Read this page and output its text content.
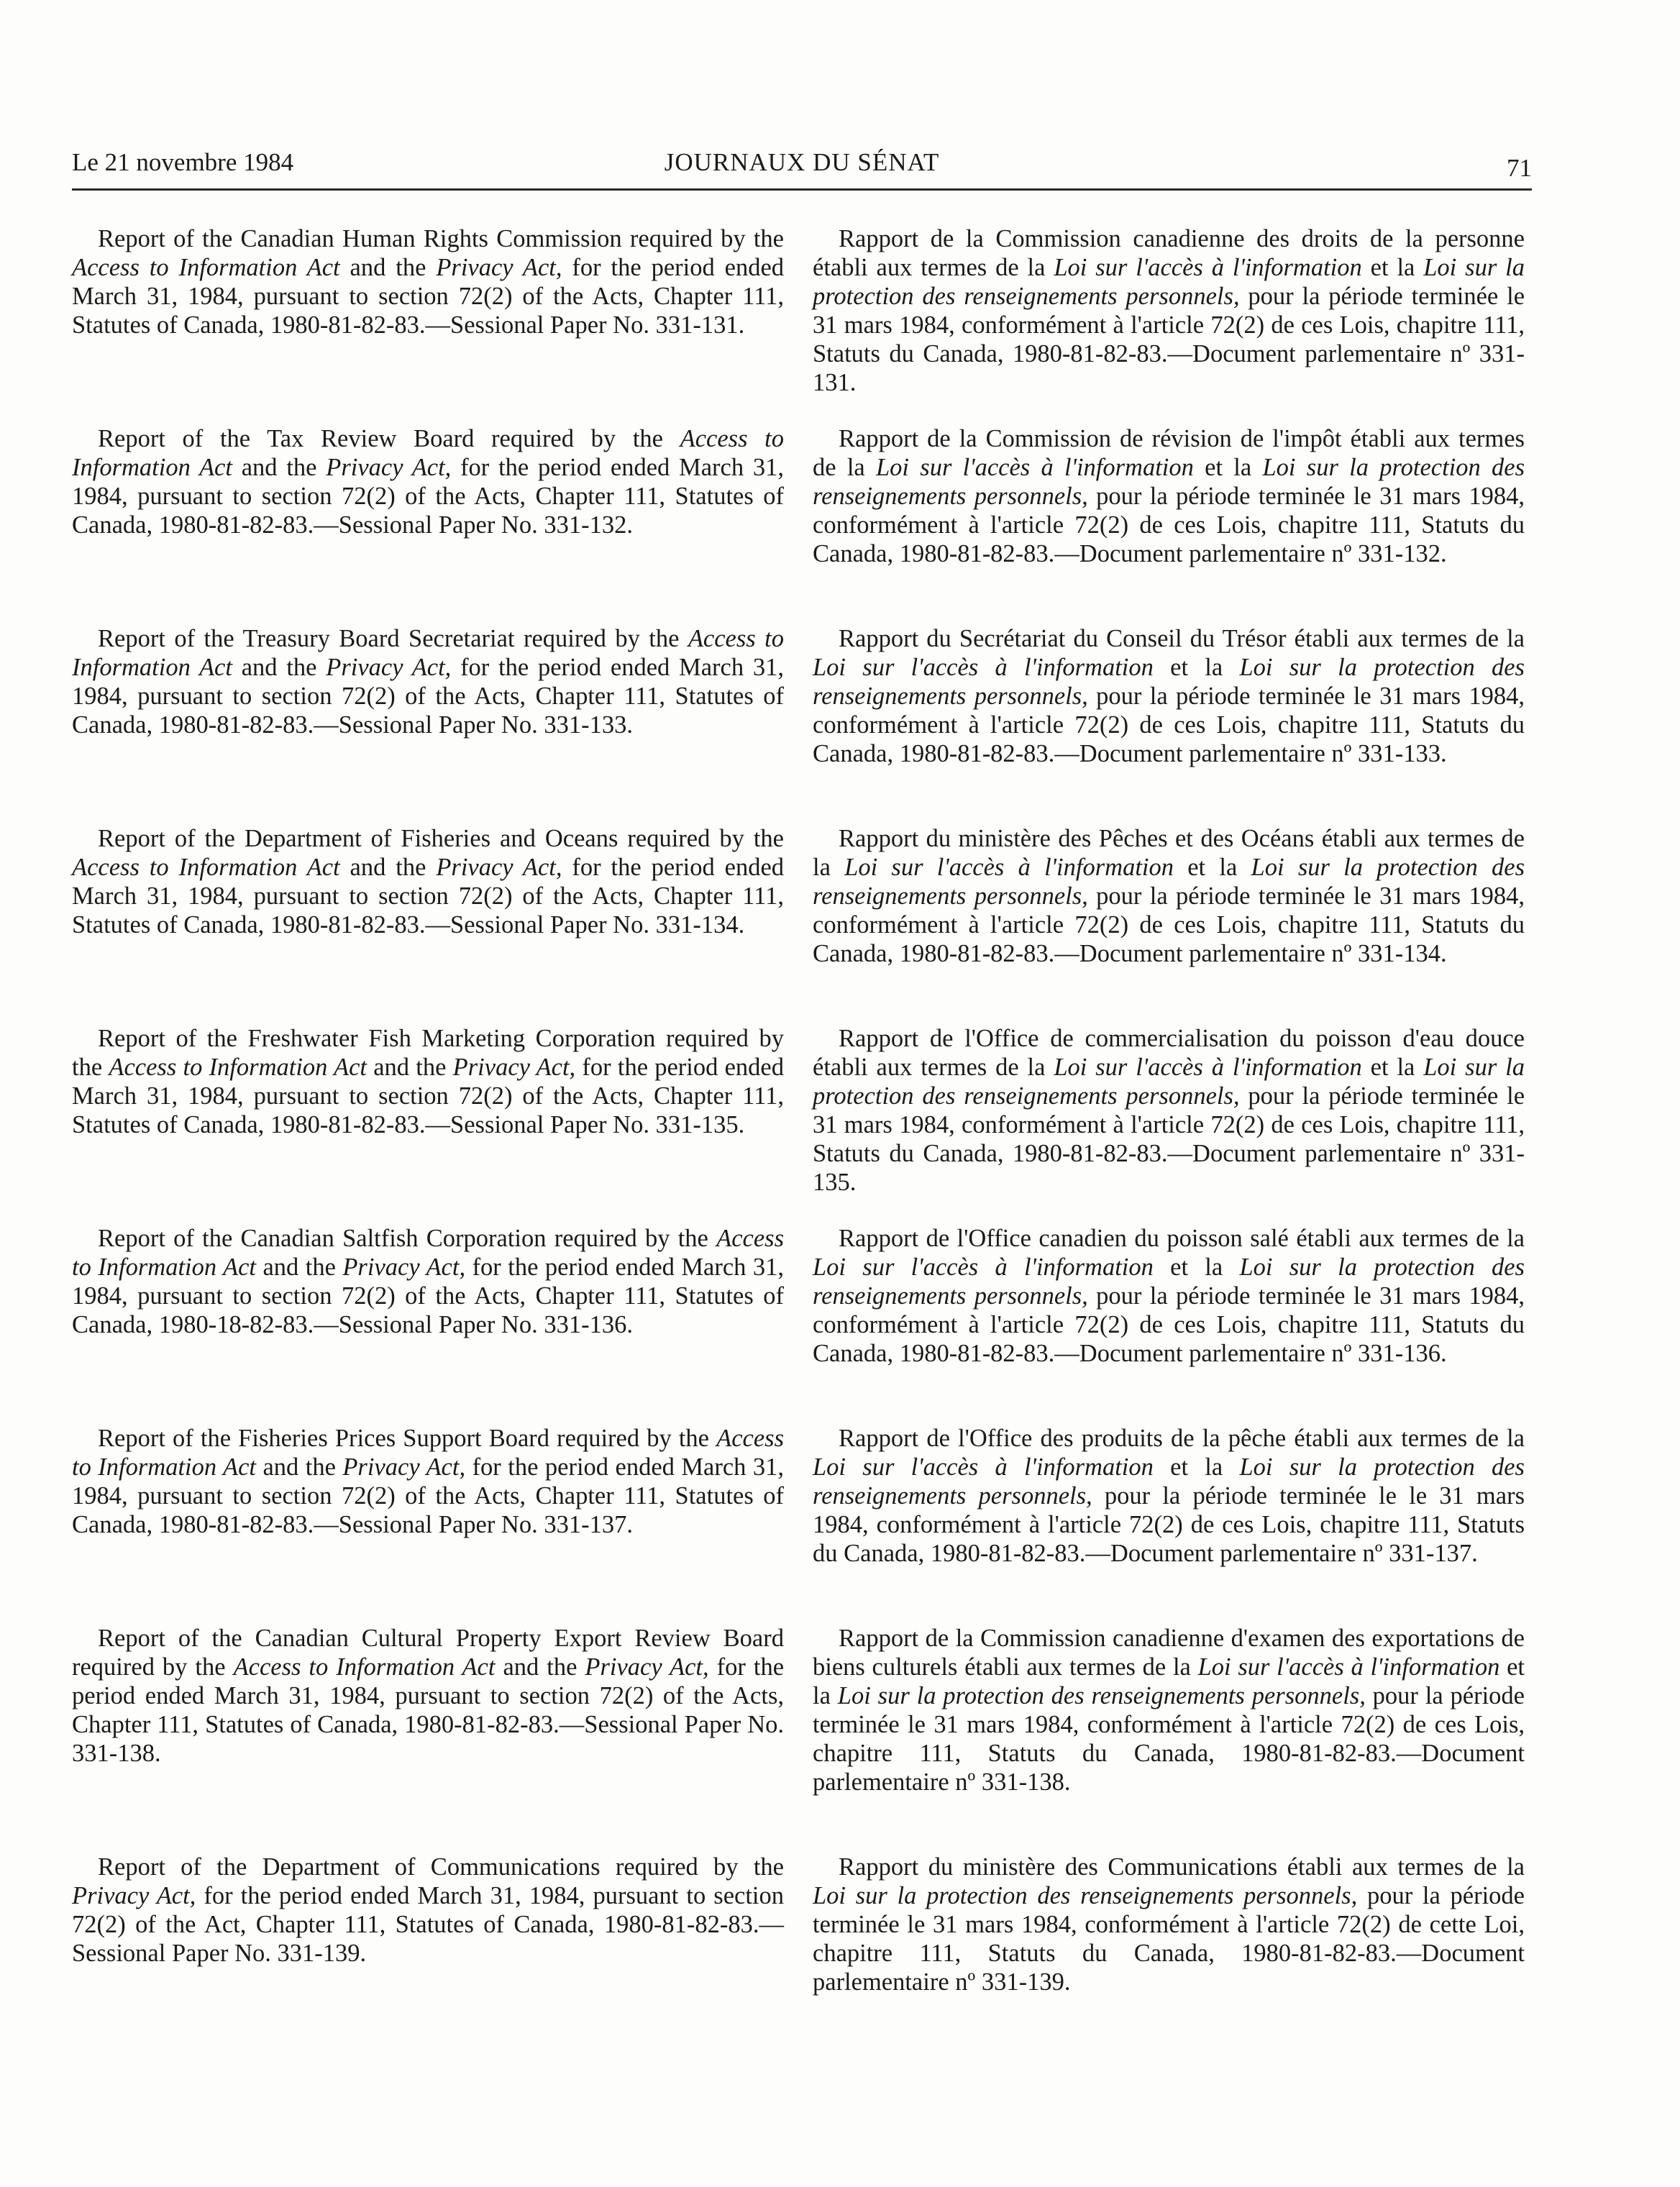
Le 21 novembre 1984	JOURNAUX DU SÉNAT	71

Report of the Canadian Human Rights Commission required by the Access to Information Act and the Privacy Act, for the period ended March 31, 1984, pursuant to section 72(2) of the Acts, Chapter 111, Statutes of Canada, 1980-81-82-83.—Sessional Paper No. 331-131.

Report of the Tax Review Board required by the Access to Information Act and the Privacy Act, for the period ended March 31, 1984, pursuant to section 72(2) of the Acts, Chapter 111, Statutes of Canada, 1980-81-82-83.—Sessional Paper No. 331-132.

Report of the Treasury Board Secretariat required by the Access to Information Act and the Privacy Act, for the period ended March 31, 1984, pursuant to section 72(2) of the Acts, Chapter 111, Statutes of Canada, 1980-81-82-83.—Sessional Paper No. 331-133.

Report of the Department of Fisheries and Oceans required by the Access to Information Act and the Privacy Act, for the period ended March 31, 1984, pursuant to section 72(2) of the Acts, Chapter 111, Statutes of Canada, 1980-81-82-83.—Sessional Paper No. 331-134.

Report of the Freshwater Fish Marketing Corporation required by the Access to Information Act and the Privacy Act, for the period ended March 31, 1984, pursuant to section 72(2) of the Acts, Chapter 111, Statutes of Canada, 1980-81-82-83.—Sessional Paper No. 331-135.

Report of the Canadian Saltfish Corporation required by the Access to Information Act and the Privacy Act, for the period ended March 31, 1984, pursuant to section 72(2) of the Acts, Chapter 111, Statutes of Canada, 1980-18-82-83.—Sessional Paper No. 331-136.

Report of the Fisheries Prices Support Board required by the Access to Information Act and the Privacy Act, for the period ended March 31, 1984, pursuant to section 72(2) of the Acts, Chapter 111, Statutes of Canada, 1980-81-82-83.—Sessional Paper No. 331-137.

Report of the Canadian Cultural Property Export Review Board required by the Access to Information Act and the Privacy Act, for the period ended March 31, 1984, pursuant to section 72(2) of the Acts, Chapter 111, Statutes of Canada, 1980-81-82-83.—Sessional Paper No. 331-138.

Report of the Department of Communications required by the Privacy Act, for the period ended March 31, 1984, pursuant to section 72(2) of the Act, Chapter 111, Statutes of Canada, 1980-81-82-83.—Sessional Paper No. 331-139.

Rapport de la Commission canadienne des droits de la personne établi aux termes de la Loi sur l'accès à l'information et la Loi sur la protection des renseignements personnels, pour la période terminée le 31 mars 1984, conformément à l'article 72(2) de ces Lois, chapitre 111, Statuts du Canada, 1980-81-82-83.—Document parlementaire nº 331-131.

Rapport de la Commission de révision de l'impôt établi aux termes de la Loi sur l'accès à l'information et la Loi sur la protection des renseignements personnels, pour la période terminée le 31 mars 1984, conformément à l'article 72(2) de ces Lois, chapitre 111, Statuts du Canada, 1980-81-82-83.—Document parlementaire nº 331-132.

Rapport du Secrétariat du Conseil du Trésor établi aux termes de la Loi sur l'accès à l'information et la Loi sur la protection des renseignements personnels, pour la période terminée le 31 mars 1984, conformément à l'article 72(2) de ces Lois, chapitre 111, Statuts du Canada, 1980-81-82-83.—Document parlementaire nº 331-133.

Rapport du ministère des Pêches et des Océans établi aux termes de la Loi sur l'accès à l'information et la Loi sur la protection des renseignements personnels, pour la période terminée le 31 mars 1984, conformément à l'article 72(2) de ces Lois, chapitre 111, Statuts du Canada, 1980-81-82-83.—Document parlementaire nº 331-134.

Rapport de l'Office de commercialisation du poisson d'eau douce établi aux termes de la Loi sur l'accès à l'information et la Loi sur la protection des renseignements personnels, pour la période terminée le 31 mars 1984, conformément à l'article 72(2) de ces Lois, chapitre 111, Statuts du Canada, 1980-81-82-83.—Document parlementaire nº 331-135.

Rapport de l'Office canadien du poisson salé établi aux termes de la Loi sur l'accès à l'information et la Loi sur la protection des renseignements personnels, pour la période terminée le 31 mars 1984, conformément à l'article 72(2) de ces Lois, chapitre 111, Statuts du Canada, 1980-81-82-83.—Document parlementaire nº 331-136.

Rapport de l'Office des produits de la pêche établi aux termes de la Loi sur l'accès à l'information et la Loi sur la protection des renseignements personnels, pour la période terminée le le 31 mars 1984, conformément à l'article 72(2) de ces Lois, chapitre 111, Statuts du Canada, 1980-81-82-83.—Document parlementaire nº 331-137.

Rapport de la Commission canadienne d'examen des exportations de biens culturels établi aux termes de la Loi sur l'accès à l'information et la Loi sur la protection des renseignements personnels, pour la période terminée le 31 mars 1984, conformément à l'article 72(2) de ces Lois, chapitre 111, Statuts du Canada, 1980-81-82-83.—Document parlementaire nº 331-138.

Rapport du ministère des Communications établi aux termes de la Loi sur la protection des renseignements personnels, pour la période terminée le 31 mars 1984, conformément à l'article 72(2) de cette Loi, chapitre 111, Statuts du Canada, 1980-81-82-83.—Document parlementaire nº 331-139.
